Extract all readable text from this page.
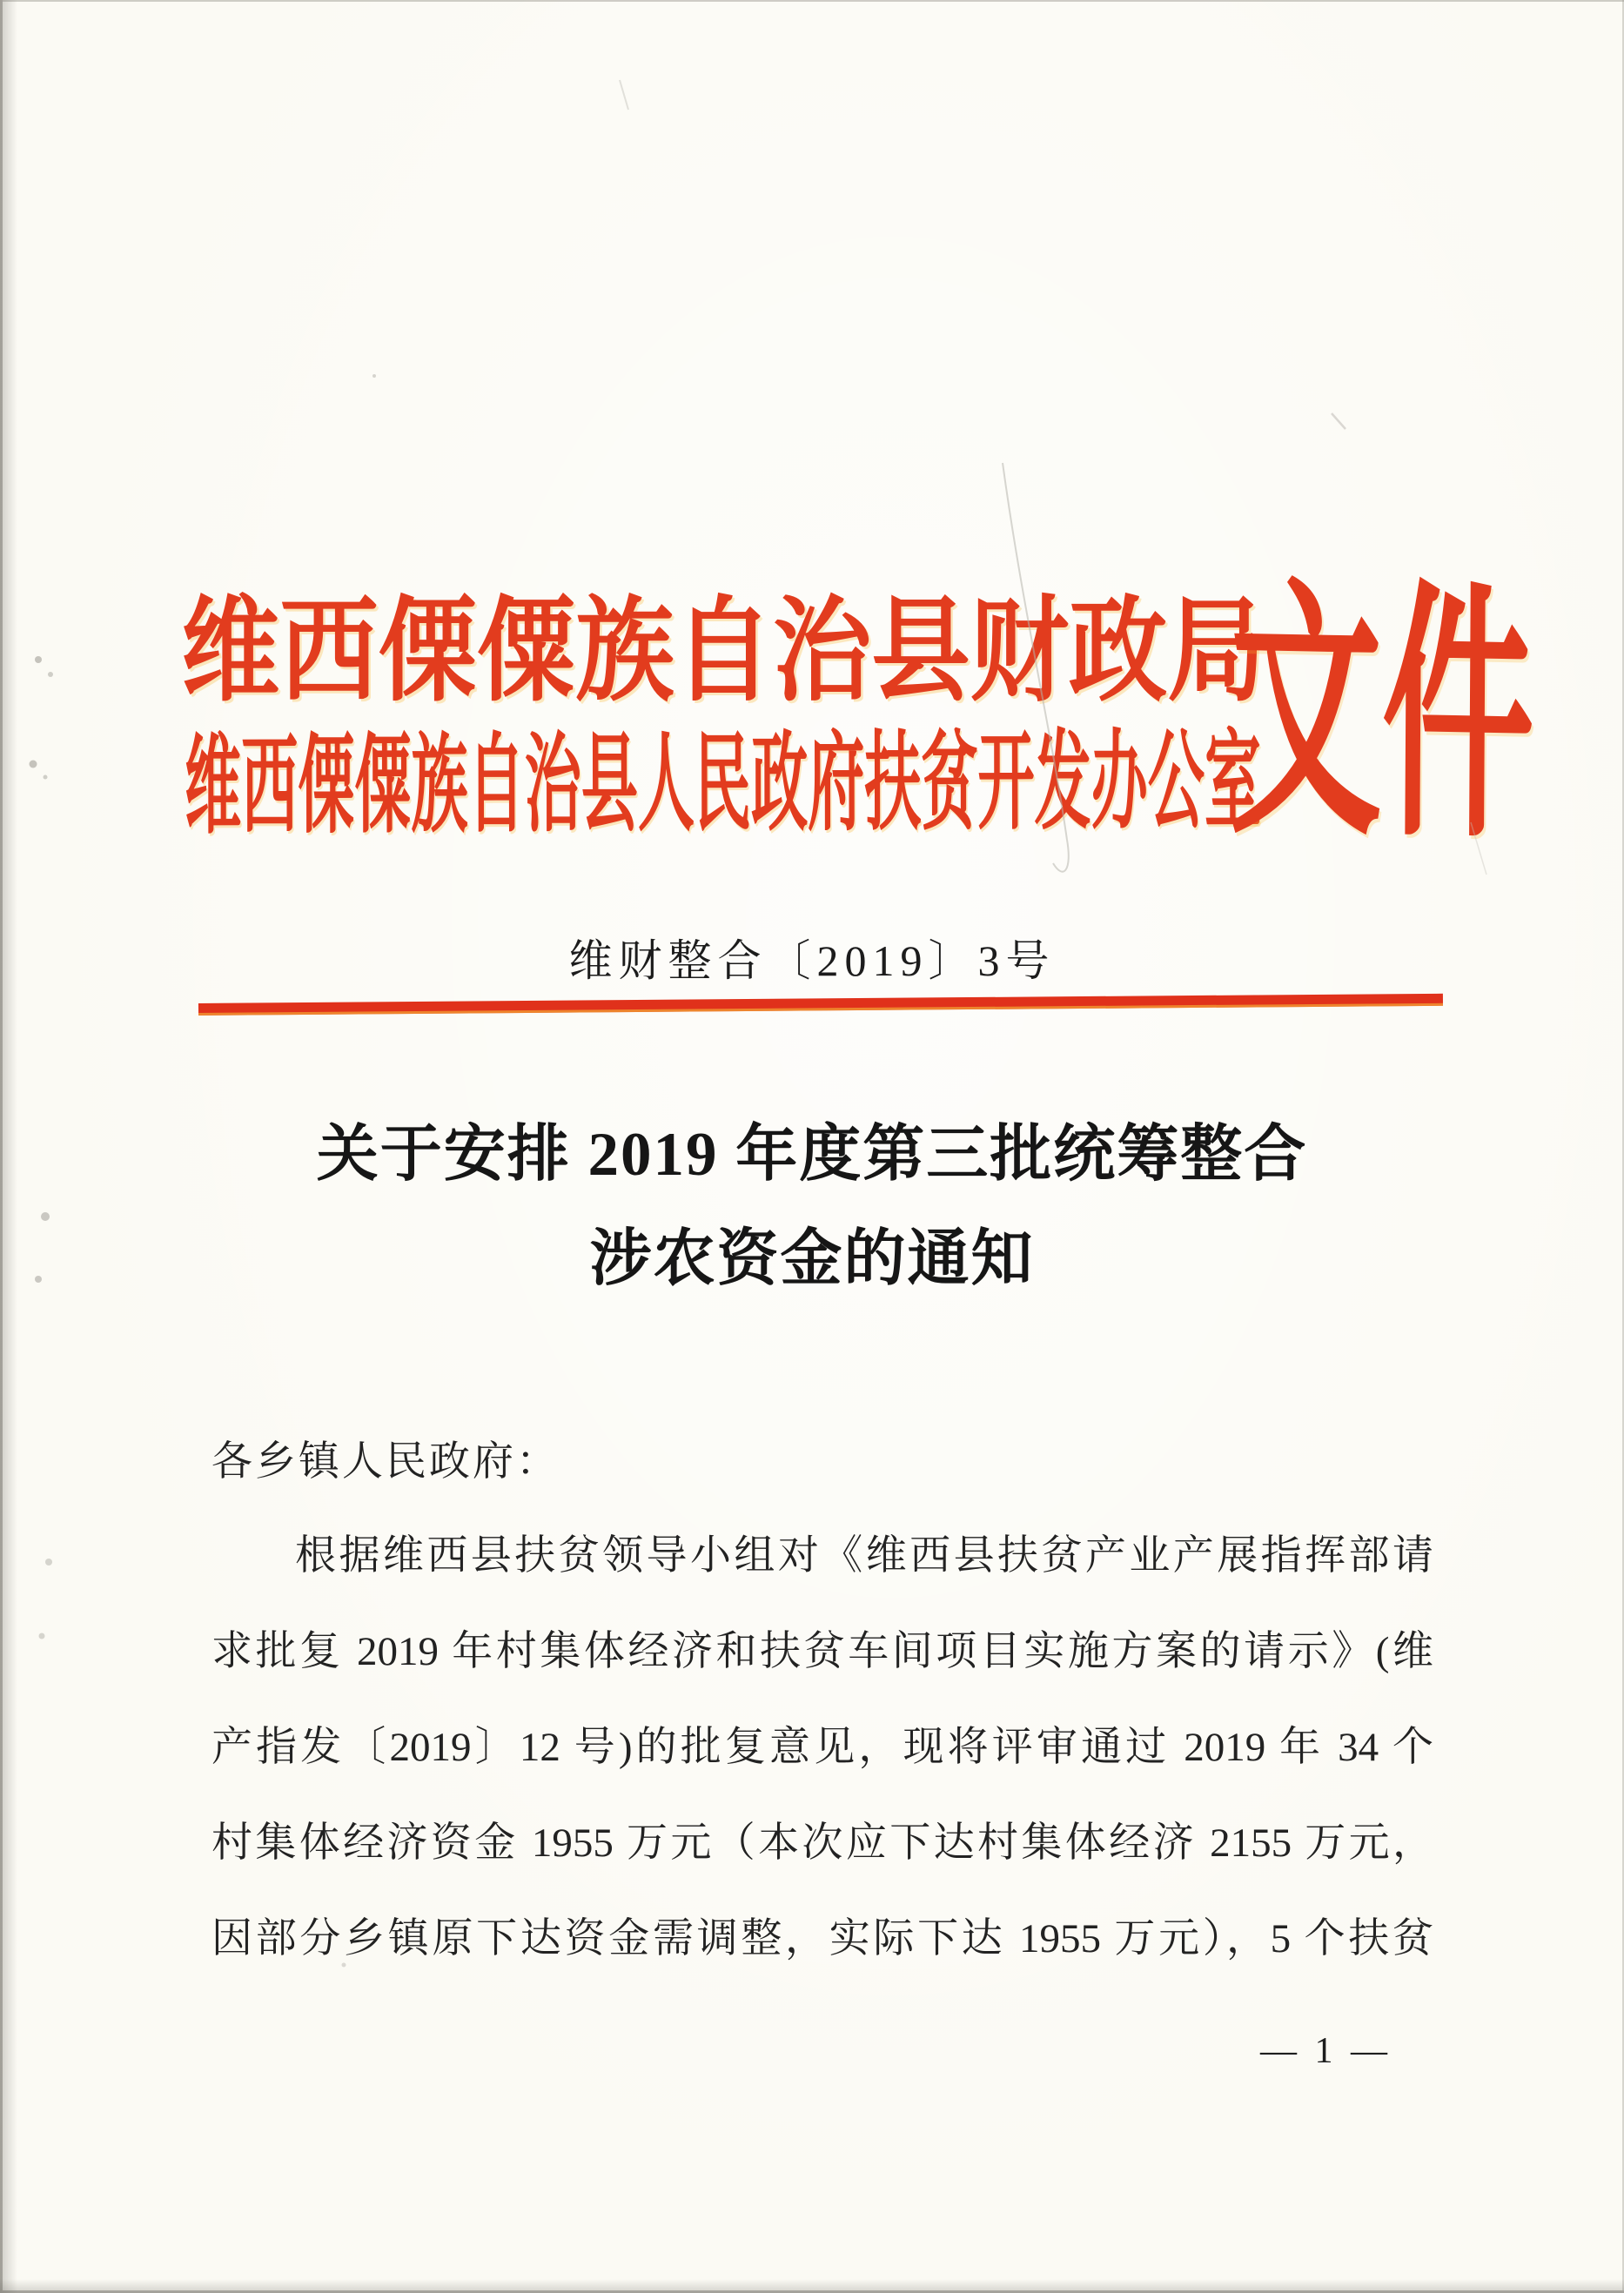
维西傈僳族自治县财政局
维西傈僳族自治县人民政府扶贫开发办公室
文件
维财整合〔2019〕3号
关于安排 2019 年度第三批统筹整合
涉农资金的通知
各乡镇人民政府：
根据维西县扶贫领导小组对《维西县扶贫产业产展指挥部请
求批复 2019 年村集体经济和扶贫车间项目实施方案的请示》(维
产指发〔2019〕12 号)的批复意见，现将评审通过 2019 年 34 个
村集体经济资金 1955 万元（本次应下达村集体经济 2155 万元，
因部分乡镇原下达资金需调整，实际下达 1955 万元），5 个扶贫
— 1 —
